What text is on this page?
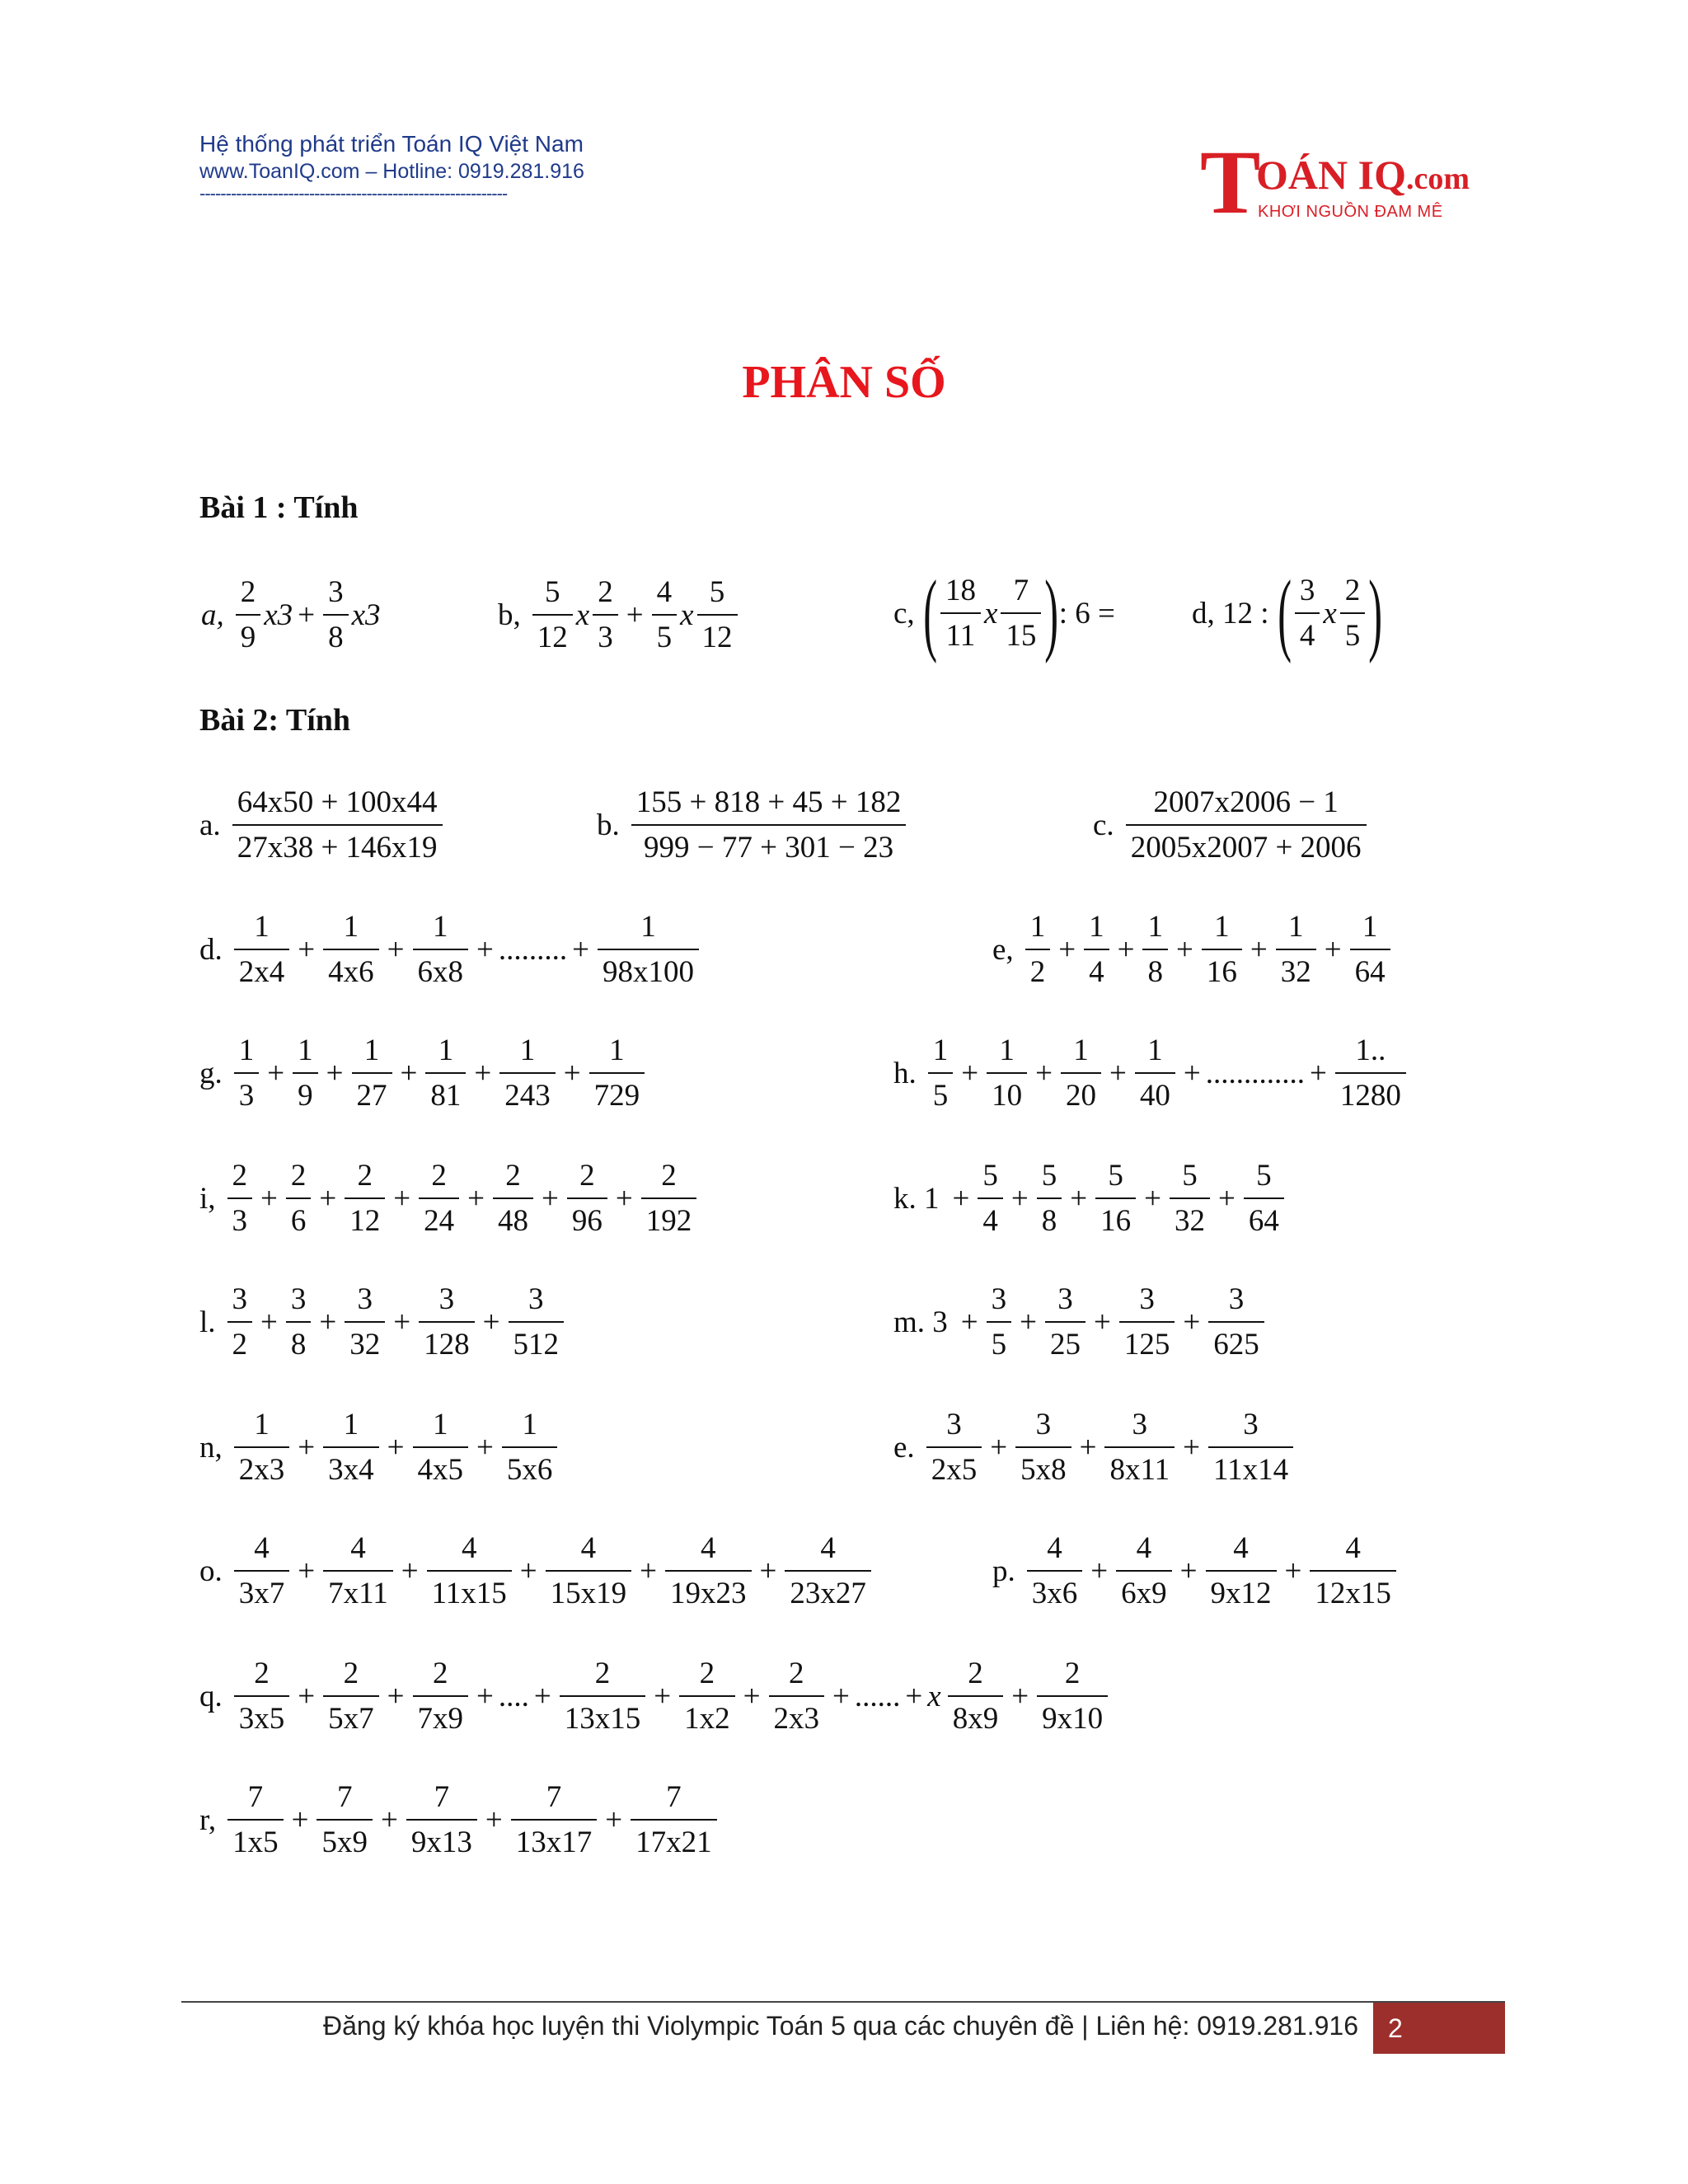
Hệ thống phát triển Toán IQ Việt Nam
www.ToanIQ.com – Hotline: 0919.281.916
-----------------------------------------------------------	T
OÁN IQ.com
KHƠI NGUỒN ĐAM MÊ
PHÂN SỐ
Bài 1 : Tính
a,
2
9
$x3 + \frac{3}{8} x3$	b,
5
12
x
2
3
+ $\frac{4}{5}$ x
5
12
c, ( 18
11
x
7
15 ) : 6 =	d, 12 : ( 3
4
x
2
5 )
Bài 2: Tính
a.
64x50 + 100x44
27x38 + 146x19
b.
155 + 818 + 45 + 182
999 − 77 + 301 − 23
c.
2007x2006 − 1
2005x2007 + 2006
d. $\frac{1}{2x4} + \frac{1}{4x6} + \frac{1}{6x8}$ + ......... + $\frac{1}{98x100}$	e, $\frac{1}{2} + \frac{1}{4} + \frac{1}{8} + \frac{1}{16} + \frac{1}{32} + \frac{1}{64}$
g. $\frac{1}{3} + \frac{1}{9} + \frac{1}{27} + \frac{1}{81} + \frac{1}{243} + \frac{1}{729}$	h. $\frac{1}{5} + \frac{1}{10} + \frac{1}{20} + \frac{1}{40}$ + ............. + $\frac{1..}{1280}$
i, $\frac{2}{3} + \frac{2}{6} + \frac{2}{12} + \frac{2}{24} + \frac{2}{48} + \frac{2}{96} + \frac{2}{192}$	k. $1 + \frac{5}{4} + \frac{5}{8} + \frac{5}{16} + \frac{5}{32} + \frac{5}{64}$
l. $\frac{3}{2} + \frac{3}{8} + \frac{3}{32} + \frac{3}{128} + \frac{3}{512}$	m. $3 + \frac{3}{5} + \frac{3}{25} + \frac{3}{125} + \frac{3}{625}$
n, $\frac{1}{2x3} + \frac{1}{3x4} + \frac{1}{4x5} + \frac{1}{5x6}$	e. $\frac{3}{2x5} + \frac{3}{5x8} + \frac{3}{8x11} + \frac{3}{11x14}$
o. $\frac{4}{3x7} + \frac{4}{7x11} + \frac{4}{11x15} + \frac{4}{15x19} + \frac{4}{19x23} + \frac{4}{23x27}$	p. $\frac{4}{3x6} + \frac{4}{6x9} + \frac{4}{9x12} + \frac{4}{12x15}$
q. $\frac{2}{3x5} + \frac{2}{5x7} + \frac{2}{7x9}$ + .... + $\frac{2}{13x15} + \frac{2}{1x2} + \frac{2}{2x3}$ + ...... + x $\frac{2}{8x9} + \frac{2}{9x10}$
r, $\frac{7}{1x5} + \frac{7}{5x9} + \frac{7}{9x13} + \frac{7}{13x17} + \frac{7}{17x21}$
Đăng ký khóa học luyện thi Violympic Toán 5 qua các chuyên đề | Liên hệ: 0919.281.916	2
